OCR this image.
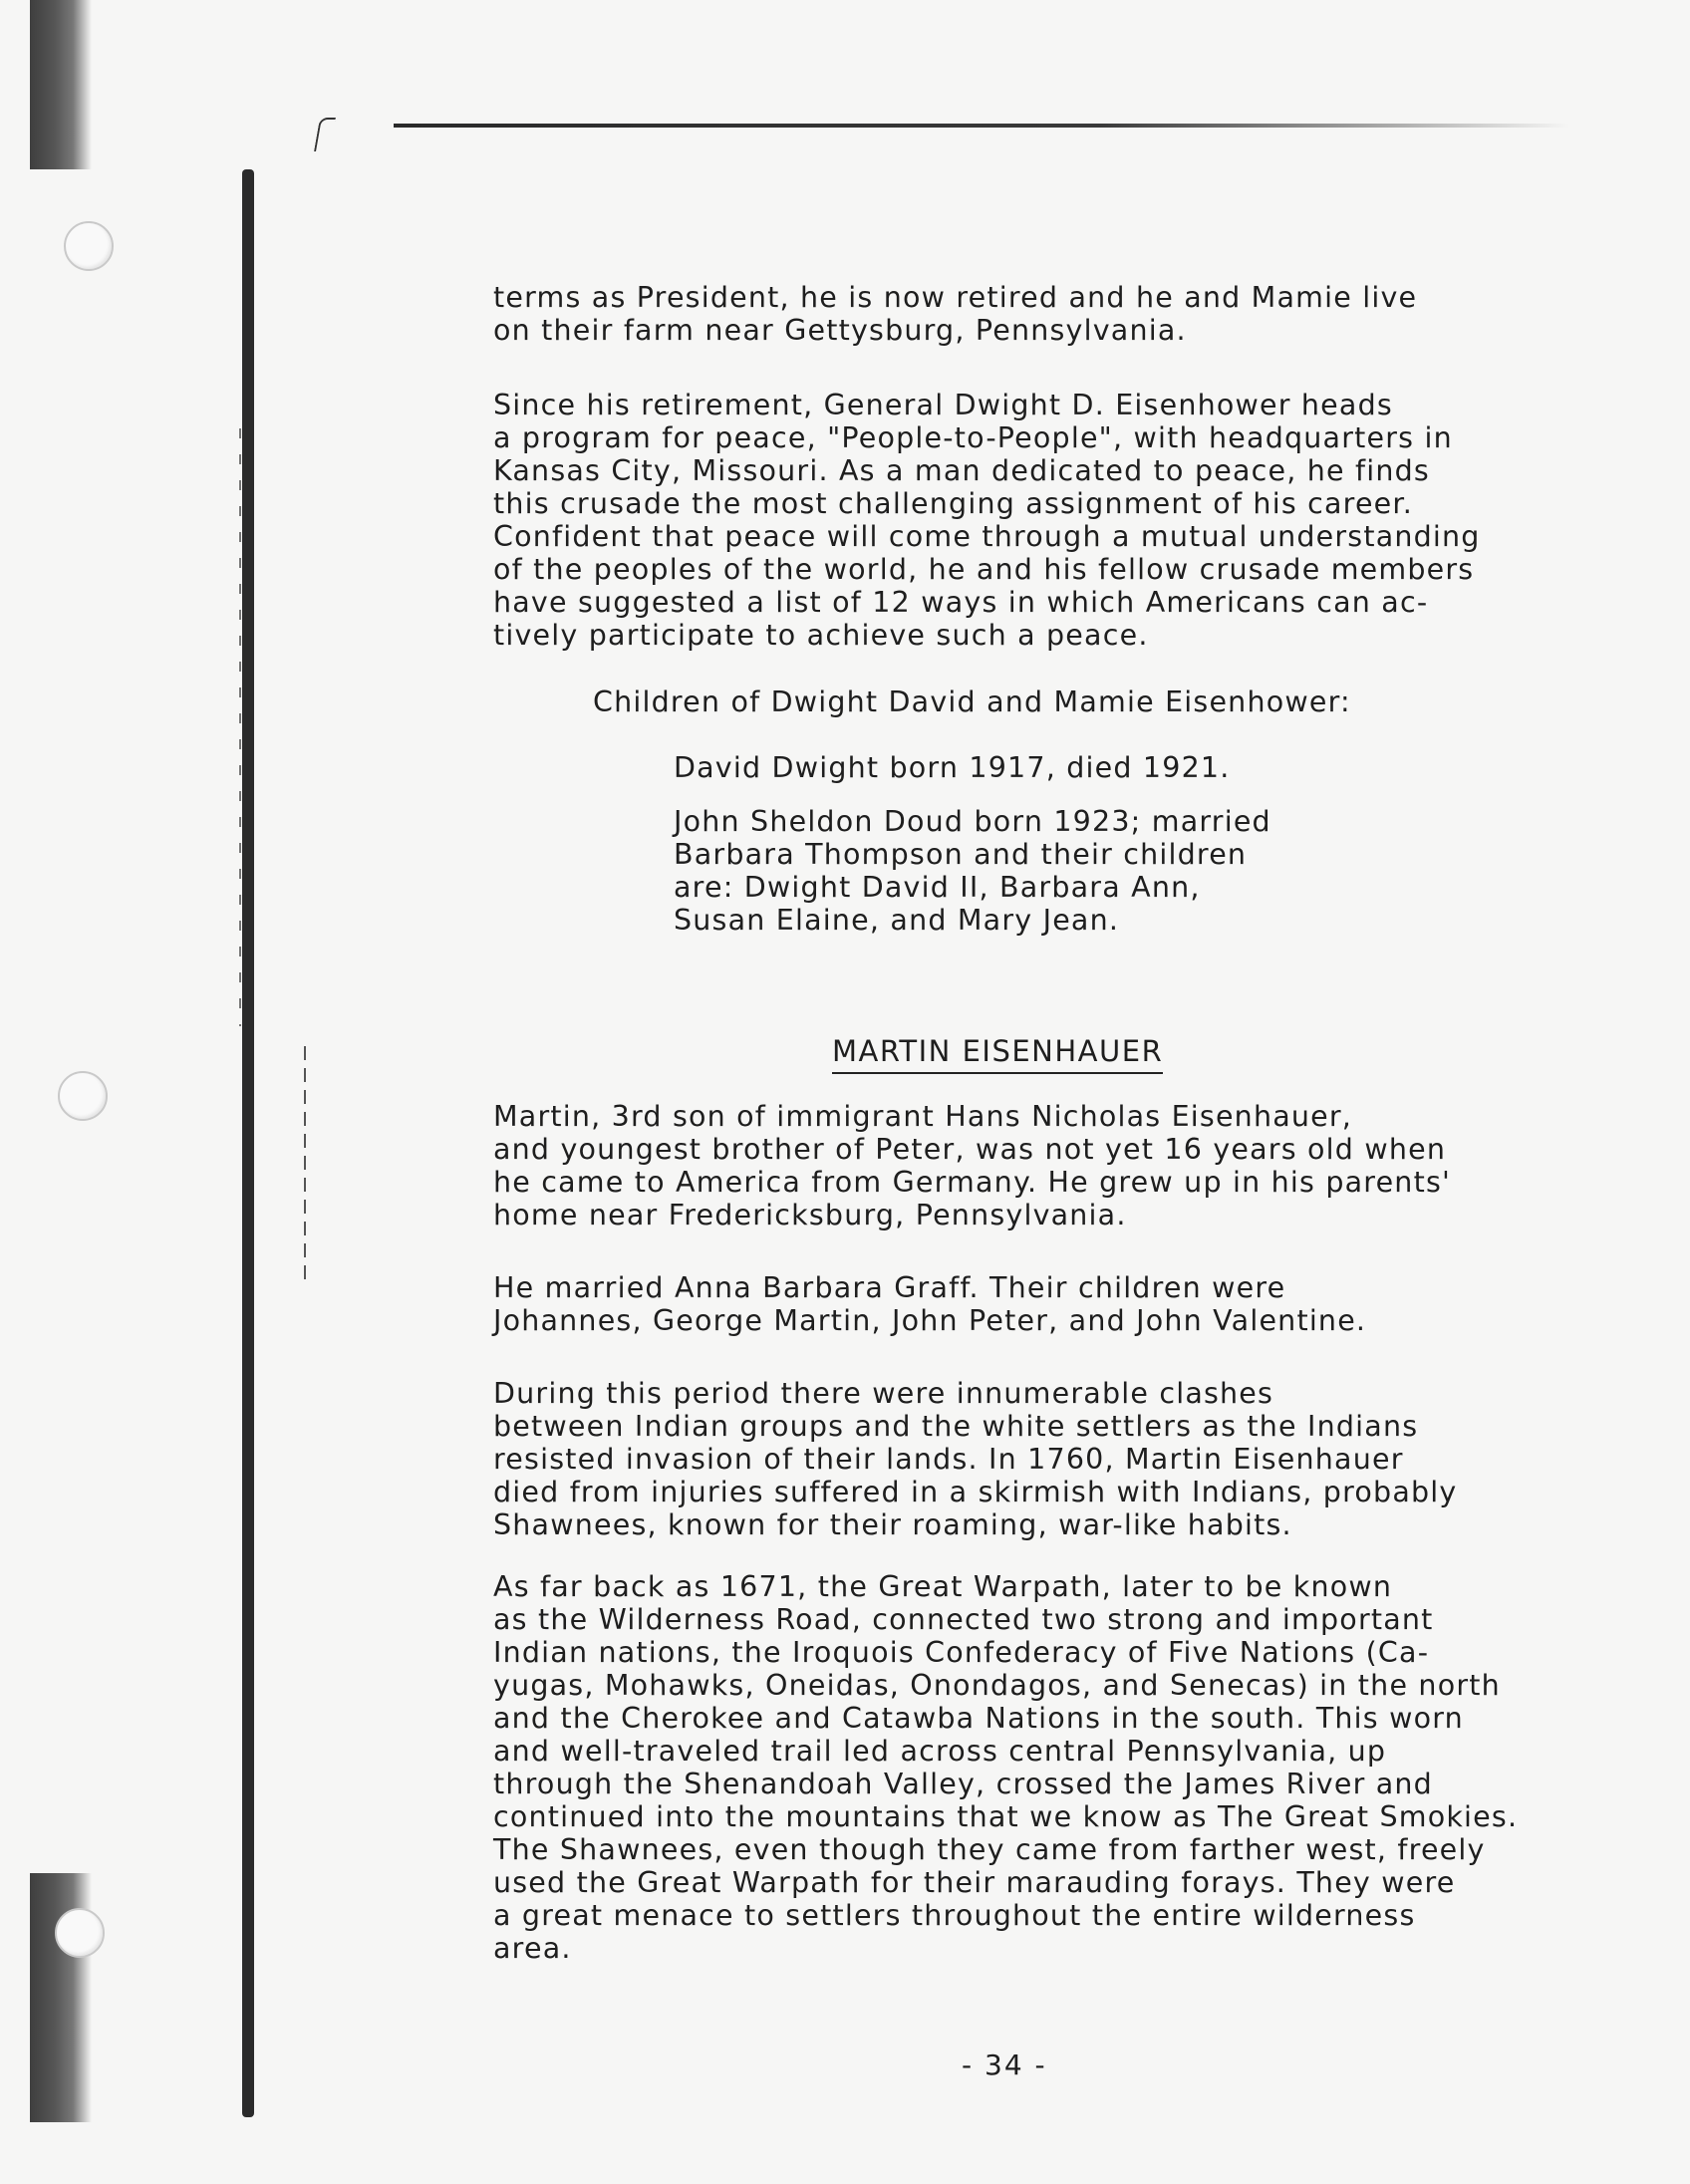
terms as President, he is now retired and he and Mamie live
on their farm near Gettysburg, Pennsylvania.

Since his retirement, General Dwight D. Eisenhower heads
a program for peace, "People-to-People", with headquarters in
Kansas City, Missouri. As a man dedicated to peace, he finds
this crusade the most challenging assignment of his career.
Confident that peace will come through a mutual understanding
of the peoples of the world, he and his fellow crusade members
have suggested a list of 12 ways in which Americans can ac-
tively participate to achieve such a peace.

Children of Dwight David and Mamie Eisenhower:

David Dwight born 1917, died 1921.

John Sheldon Doud born 1923; married
Barbara Thompson and their children
are: Dwight David II, Barbara Ann,
Susan Elaine, and Mary Jean.

MARTIN EISENHAUER

Martin, 3rd son of immigrant Hans Nicholas Eisenhauer,
and youngest brother of Peter, was not yet 16 years old when
he came to America from Germany. He grew up in his parents'
home near Fredericksburg, Pennsylvania.

He married Anna Barbara Graff. Their children were
Johannes, George Martin, John Peter, and John Valentine.

During this period there were innumerable clashes
between Indian groups and the white settlers as the Indians
resisted invasion of their lands. In 1760, Martin Eisenhauer
died from injuries suffered in a skirmish with Indians, probably
Shawnees, known for their roaming, war-like habits.

As far back as 1671, the Great Warpath, later to be known
as the Wilderness Road, connected two strong and important
Indian nations, the Iroquois Confederacy of Five Nations (Ca-
yugas, Mohawks, Oneidas, Onondagos, and Senecas) in the north
and the Cherokee and Catawba Nations in the south. This worn
and well-traveled trail led across central Pennsylvania, up
through the Shenandoah Valley, crossed the James River and
continued into the mountains that we know as The Great Smokies.
The Shawnees, even though they came from farther west, freely
used the Great Warpath for their marauding forays. They were
a great menace to settlers throughout the entire wilderness
area.

- 34 -
